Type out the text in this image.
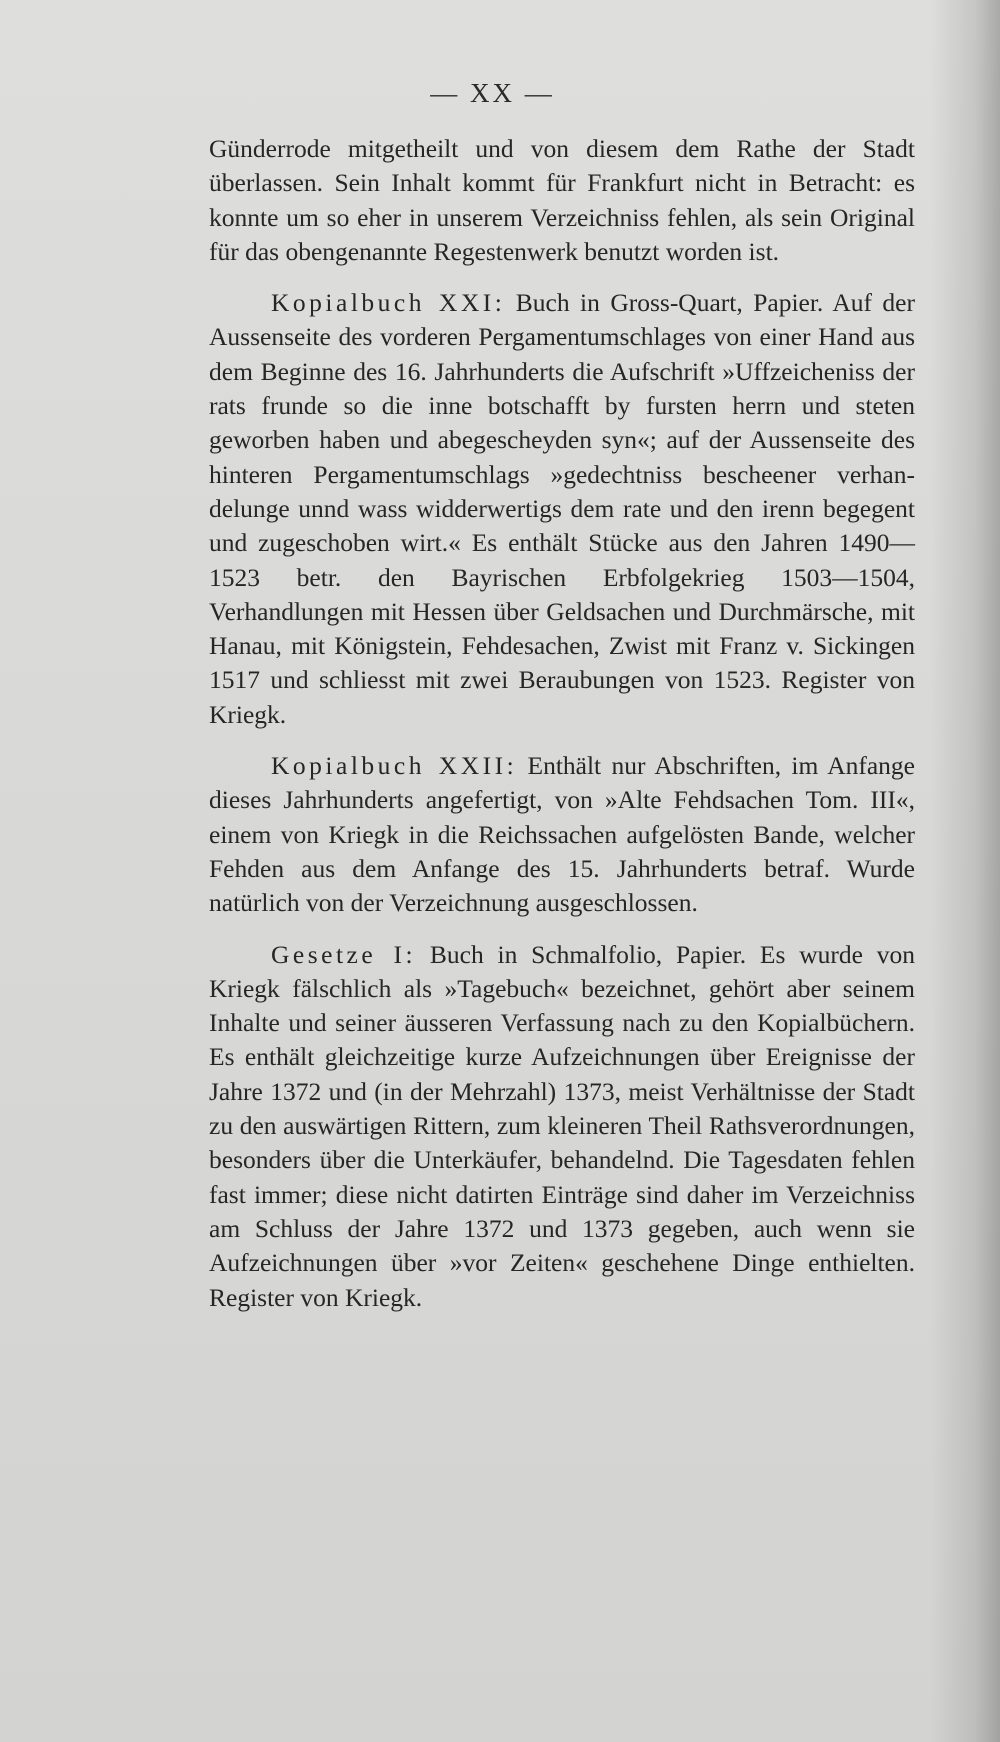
— XX —

Günderrode mitgetheilt und von diesem dem Rathe der Stadt überlassen. Sein Inhalt kommt für Frankfurt nicht in Betracht: es konnte um so eher in unserem Verzeichniss fehlen, als sein Original für das obengenannte Regestenwerk benutzt worden ist.

Kopialbuch XXI: Buch in Gross-Quart, Papier. Auf der Aussenseite des vorderen Pergamentumschlages von einer Hand aus dem Beginne des 16. Jahrhunderts die Aufschrift »Uffzeicheniss der rats frunde so die inne botschafft by fursten herrn und steten geworben haben und abegescheyden syn«; auf der Aussenseite des hinteren Pergamentumschlags »gedechtniss bescheener verhandelunge unnd wass widderwertigs dem rate und den irenn begegent und zugeschoben wirt.« Es enthält Stücke aus den Jahren 1490—1523 betr. den Bayrischen Erbfolgekrieg 1503—1504, Verhandlungen mit Hessen über Geldsachen und Durchmärsche, mit Hanau, mit Königstein, Fehdesachen, Zwist mit Franz v. Sickingen 1517 und schliesst mit zwei Beraubungen von 1523. Register von Kriegk.

Kopialbuch XXII: Enthält nur Abschriften, im Anfange dieses Jahrhunderts angefertigt, von »Alte Fehdsachen Tom. III«, einem von Kriegk in die Reichssachen aufgelösten Bande, welcher Fehden aus dem Anfange des 15. Jahrhunderts betraf. Wurde natürlich von der Verzeichnung ausgeschlossen.

Gesetze I: Buch in Schmalfolio, Papier. Es wurde von Kriegk fälschlich als »Tagebuch« bezeichnet, gehört aber seinem Inhalte und seiner äusseren Verfassung nach zu den Kopialbüchern. Es enthält gleichzeitige kurze Aufzeichnungen über Ereignisse der Jahre 1372 und (in der Mehrzahl) 1373, meist Verhältnisse der Stadt zu den auswärtigen Rittern, zum kleineren Theil Rathsverordnungen, besonders über die Unterkäufer, behandelnd. Die Tagesdaten fehlen fast immer; diese nicht datirten Einträge sind daher im Verzeichniss am Schluss der Jahre 1372 und 1373 gegeben, auch wenn sie Aufzeichnungen über »vor Zeiten« geschehene Dinge enthielten. Register von Kriegk.
